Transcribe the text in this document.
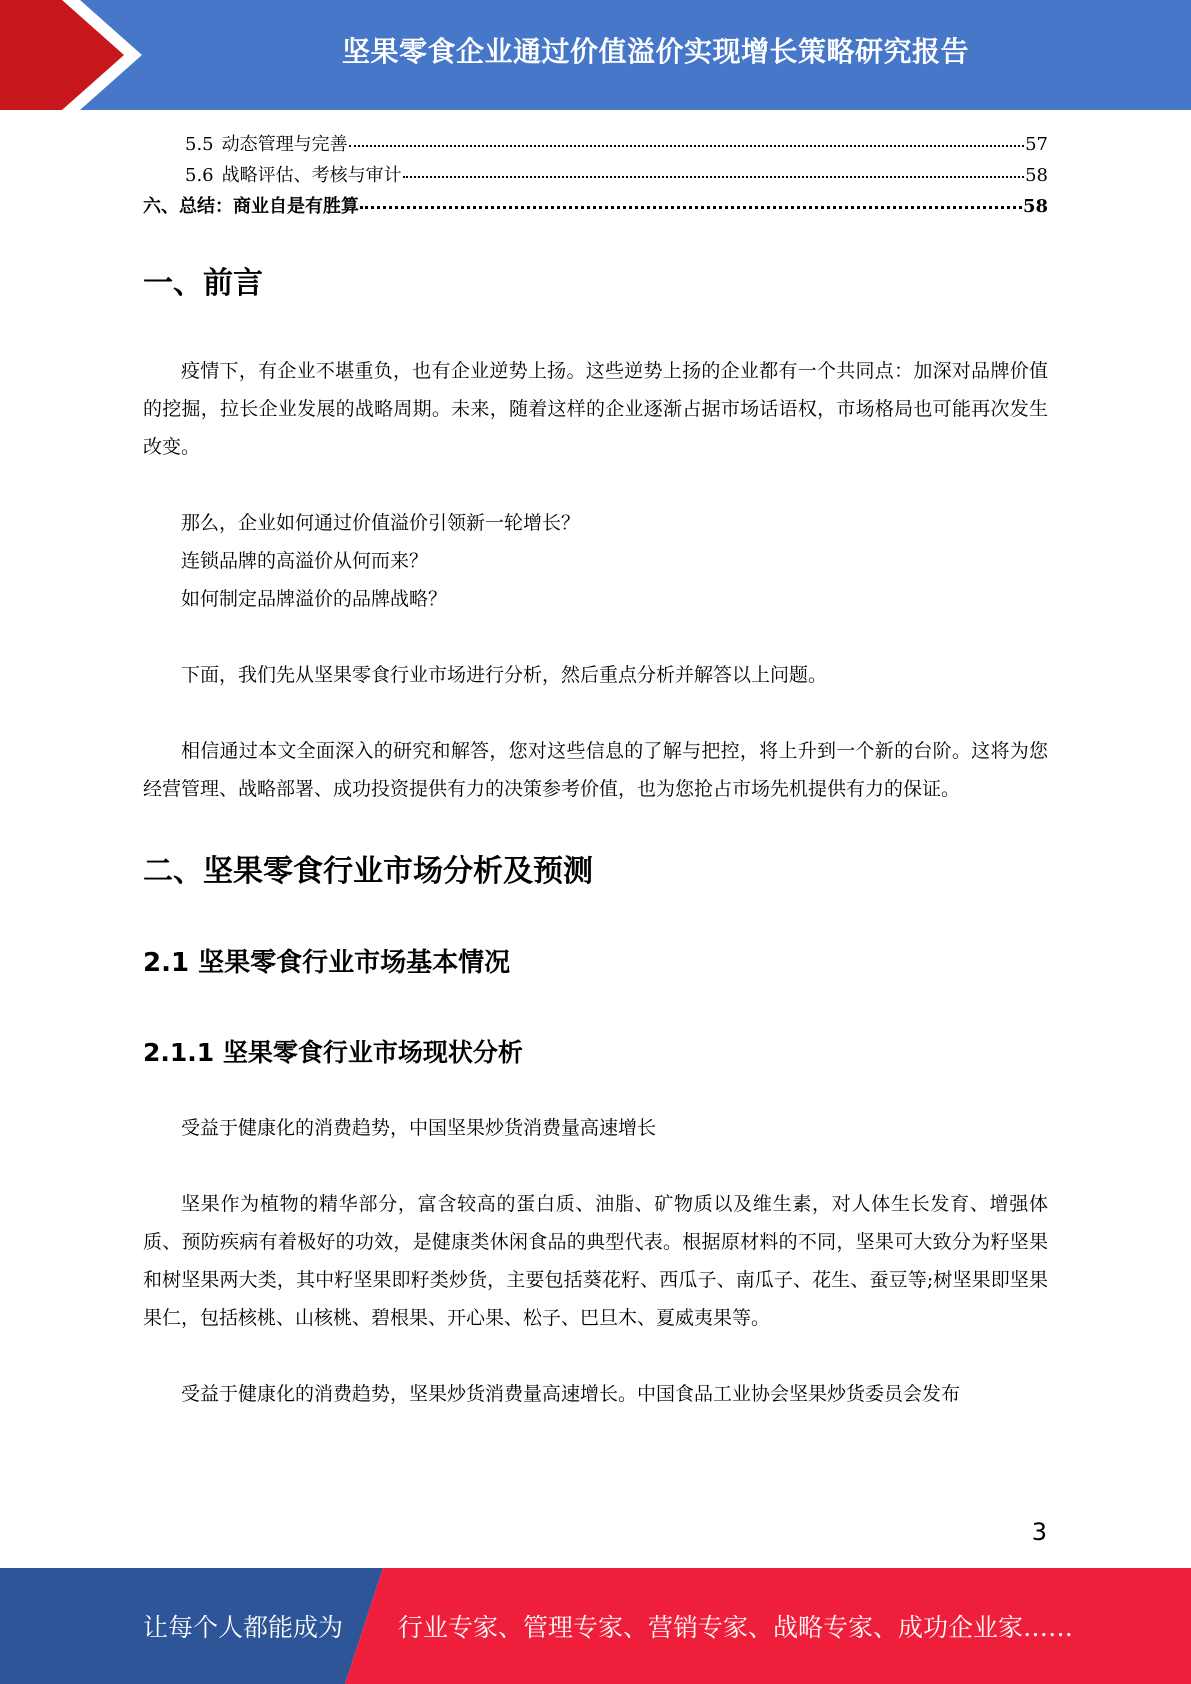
坚果零食企业通过价值溢价实现增长策略研究报告
5.5 动态管理与完善	57
5.6 战略评估、考核与审计	58
六、总结：商业自是有胜算	58
一、前言

疫情下，有企业不堪重负，也有企业逆势上扬。这些逆势上扬的企业都有一个共同点：加深对品牌价值的挖掘，拉长企业发展的战略周期。未来，随着这样的企业逐渐占据市场话语权，市场格局也可能再次发生改变。

那么，企业如何通过价值溢价引领新一轮增长？
连锁品牌的高溢价从何而来？
如何制定品牌溢价的品牌战略？

下面，我们先从坚果零食行业市场进行分析，然后重点分析并解答以上问题。

相信通过本文全面深入的研究和解答，您对这些信息的了解与把控，将上升到一个新的台阶。这将为您经营管理、战略部署、成功投资提供有力的决策参考价值，也为您抢占市场先机提供有力的保证。

二、坚果零食行业市场分析及预测
2.1 坚果零食行业市场基本情况
2.1.1 坚果零食行业市场现状分析

受益于健康化的消费趋势，中国坚果炒货消费量高速增长

坚果作为植物的精华部分，富含较高的蛋白质、油脂、矿物质以及维生素，对人体生长发育、增强体质、预防疾病有着极好的功效，是健康类休闲食品的典型代表。根据原材料的不同，坚果可大致分为籽坚果和树坚果两大类，其中籽坚果即籽类炒货，主要包括葵花籽、西瓜子、南瓜子、花生、蚕豆等;树坚果即坚果果仁，包括核桃、山核桃、碧根果、开心果、松子、巴旦木、夏威夷果等。

受益于健康化的消费趋势，坚果炒货消费量高速增长。中国食品工业协会坚果炒货委员会发布

3
让每个人都能成为 行业专家、管理专家、营销专家、战略专家、成功企业家……
